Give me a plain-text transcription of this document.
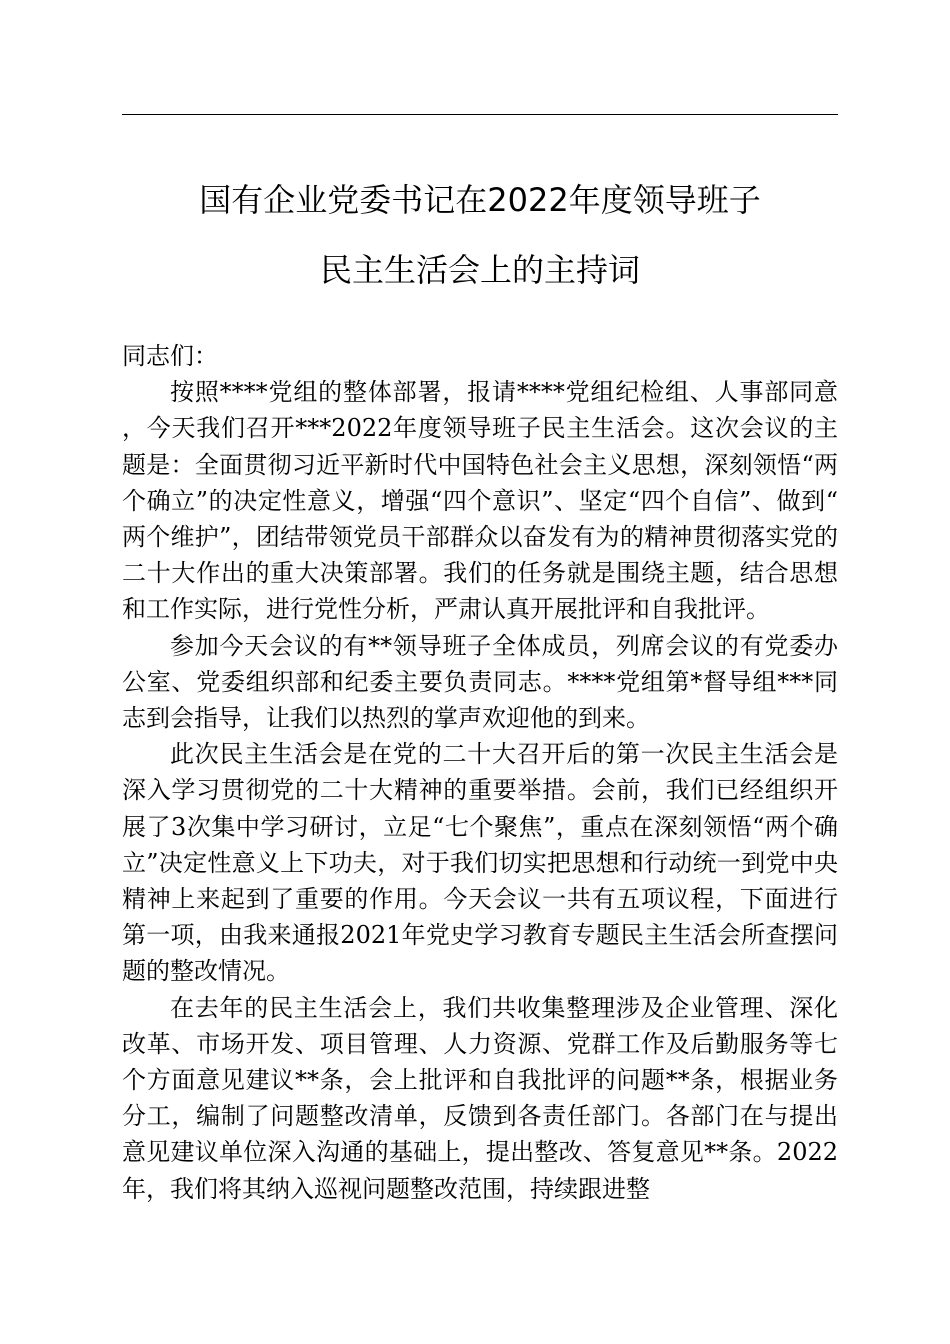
国有企业党委书记在2022年度领导班子
民主生活会上的主持词

同志们：

按照****党组的整体部署，报请****党组纪检组、人事部同意，今天我们召开***2022年度领导班子民主生活会。这次会议的主题是：全面贯彻习近平新时代中国特色社会主义思想，深刻领悟“两个确立”的决定性意义，增强“四个意识”、坚定“四个自信”、做到“两个维护”，团结带领党员干部群众以奋发有为的精神贯彻落实党的二十大作出的重大决策部署。我们的任务就是围绕主题，结合思想和工作实际，进行党性分析，严肃认真开展批评和自我批评。

参加今天会议的有**领导班子全体成员，列席会议的有党委办公室、党委组织部和纪委主要负责同志。****党组第*督导组***同志到会指导，让我们以热烈的掌声欢迎他的到来。

此次民主生活会是在党的二十大召开后的第一次民主生活会是深入学习贯彻党的二十大精神的重要举措。会前，我们已经组织开展了3次集中学习研讨，立足“七个聚焦”，重点在深刻领悟“两个确立”决定性意义上下功夫，对于我们切实把思想和行动统一到党中央精神上来起到了重要的作用。今天会议一共有五项议程，下面进行第一项，由我来通报2021年党史学习教育专题民主生活会所查摆问题的整改情况。

在去年的民主生活会上，我们共收集整理涉及企业管理、深化改革、市场开发、项目管理、人力资源、党群工作及后勤服务等七个方面意见建议**条，会上批评和自我批评的问题**条，根据业务分工，编制了问题整改清单，反馈到各责任部门。各部门在与提出意见建议单位深入沟通的基础上，提出整改、答复意见**条。2022年，我们将其纳入巡视问题整改范围，持续跟进整
